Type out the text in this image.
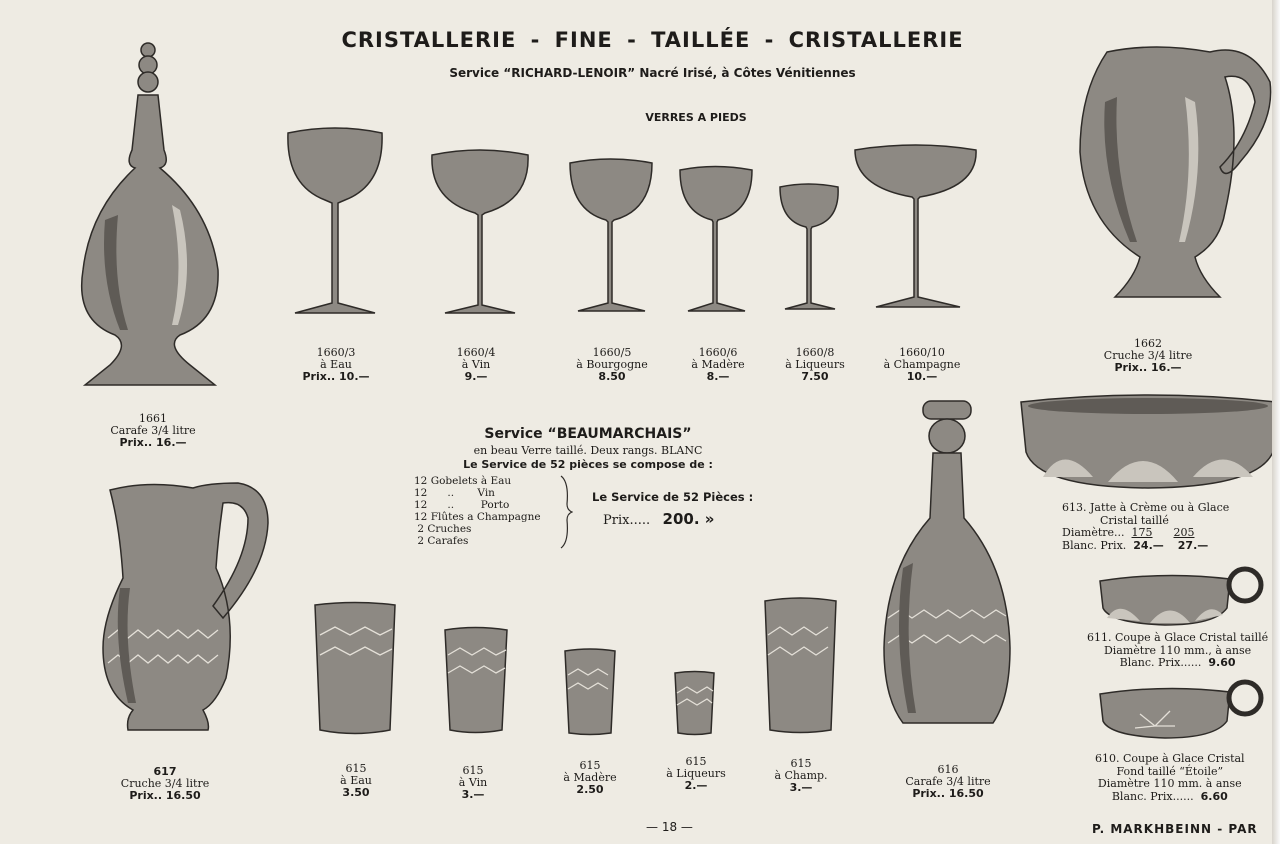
CRISTALLERIE - FINE - TAILLÉE - CRISTALLERIE
Service “RICHARD-LENOIR” Nacré Irisé, à Côtes Vénitiennes
VERRES A PIEDS
1661
Carafe 3/4 litre
Prix.. 16.—
1660/3
à Eau
Prix.. 10.—
1660/4
à Vin
9.—
1660/5
à Bourgogne
8.50
1660/6
à Madère
8.—
1660/8
à Liqueurs
7.50
1660/10
à Champagne
10.—
1662
Cruche 3/4 litre
Prix.. 16.—
613. Jatte à Crème ou à Glace
Cristal taillé
Diamètre... 175 205
Blanc. Prix. 24.— 27.—
611. Coupe à Glace Cristal taillé
Diamètre 110 mm., à anse
Blanc. Prix...... 9.60
610. Coupe à Glace Cristal
Fond taillé “Étoile”
Diamètre 110 mm. à anse
Blanc. Prix...... 6.60
Service “BEAUMARCHAIS”
en beau Verre taillé. Deux rangs. BLANC
Le Service de 52 pièces se compose de :
12 Gobelets à Eau
12      ..       Vin
12      ..        Porto
12 Flûtes a Champagne
2 Cruches
2 Carafes
Le Service de 52 Pièces :
Prix..... 200. »
617
Cruche 3/4 litre
Prix.. 16.50
615
à Eau
3.50
615
à Vin
3.—
615
à Madère
2.50
615
à Liqueurs
2.—
615
à Champ.
3.—
616
Carafe 3/4 litre
Prix.. 16.50
— 18 —	P. MARKHBEINN - PAR
